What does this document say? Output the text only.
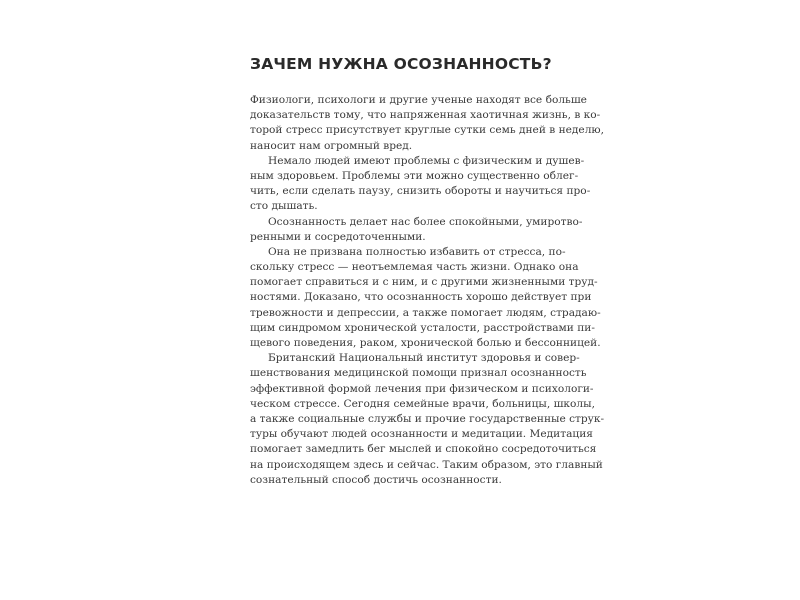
ЗАЧЕМ НУЖНА ОСОЗНАННОСТЬ?
Физиологи, психологи и другие ученые находят все больше
доказательств тому, что напряженная хаотичная жизнь, в ко-
торой стресс присутствует круглые сутки семь дней в неделю,
наносит нам огромный вред.
Немало людей имеют проблемы с физическим и душев-
ным здоровьем. Проблемы эти можно существенно облег-
чить, если сделать паузу, снизить обороты и научиться про-
сто дышать.
Осознанность делает нас более спокойными, умиротво-
ренными и сосредоточенными.
Она не призвана полностью избавить от стресса, по-
скольку стресс — неотъемлемая часть жизни. Однако она
помогает справиться и с ним, и с другими жизненными труд-
ностями. Доказано, что осознанность хорошо действует при
тревожности и депрессии, а также помогает людям, страдаю-
щим синдромом хронической усталости, расстройствами пи-
щевого поведения, раком, хронической болью и бессонницей.
Британский Национальный институт здоровья и совер-
шенствования медицинской помощи признал осознанность
эффективной формой лечения при физическом и психологи-
ческом стрессе. Сегодня семейные врачи, больницы, школы,
а также социальные службы и прочие государственные струк-
туры обучают людей осознанности и медитации. Медитация
помогает замедлить бег мыслей и спокойно сосредоточиться
на происходящем здесь и сейчас. Таким образом, это главный
сознательный способ достичь осознанности.
